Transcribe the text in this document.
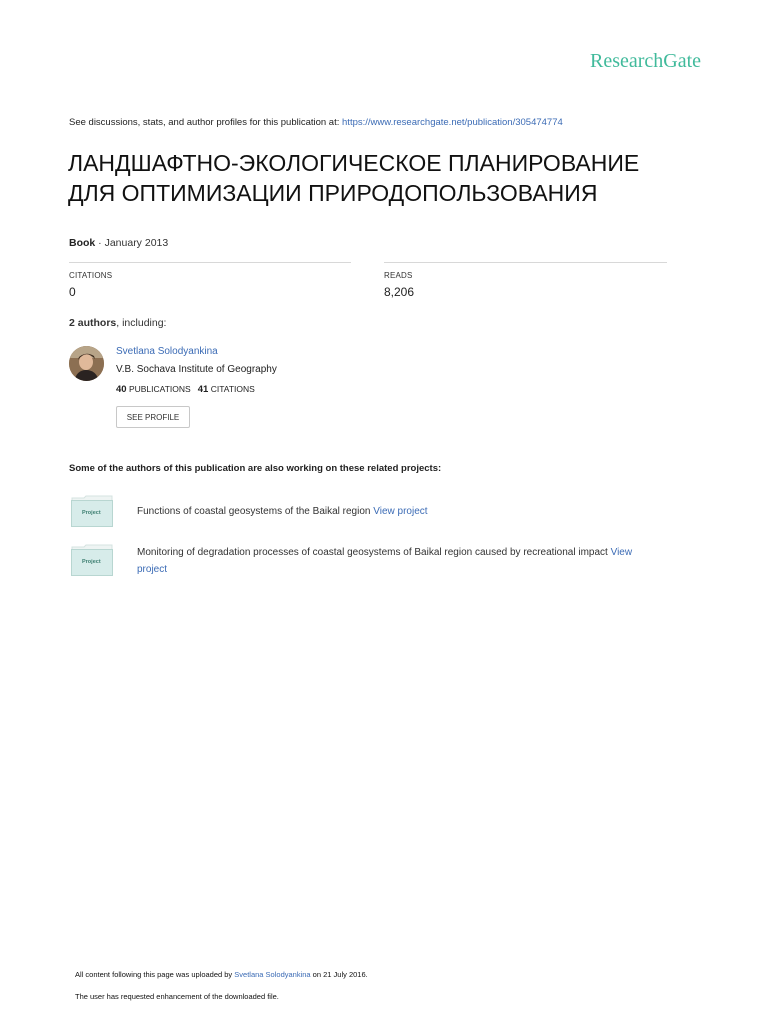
ResearchGate
See discussions, stats, and author profiles for this publication at: https://www.researchgate.net/publication/305474774
ЛАНДШАФТНО-ЭКОЛОГИЧЕСКОЕ ПЛАНИРОВАНИЕ
ДЛЯ ОПТИМИЗАЦИИ ПРИРОДОПОЛЬЗОВАНИЯ
Book · January 2013
CITATIONS
0
READS
8,206
2 authors, including:
Svetlana Solodyankina
V.B. Sochava Institute of Geography
40 PUBLICATIONS 41 CITATIONS
SEE PROFILE
Some of the authors of this publication are also working on these related projects:
Project	Functions of coastal geosystems of the Baikal region View project
Project
Monitoring of degradation processes of coastal geosystems of Baikal region caused by recreational impact View
project
All content following this page was uploaded by Svetlana Solodyankina on 21 July 2016.
The user has requested enhancement of the downloaded file.
